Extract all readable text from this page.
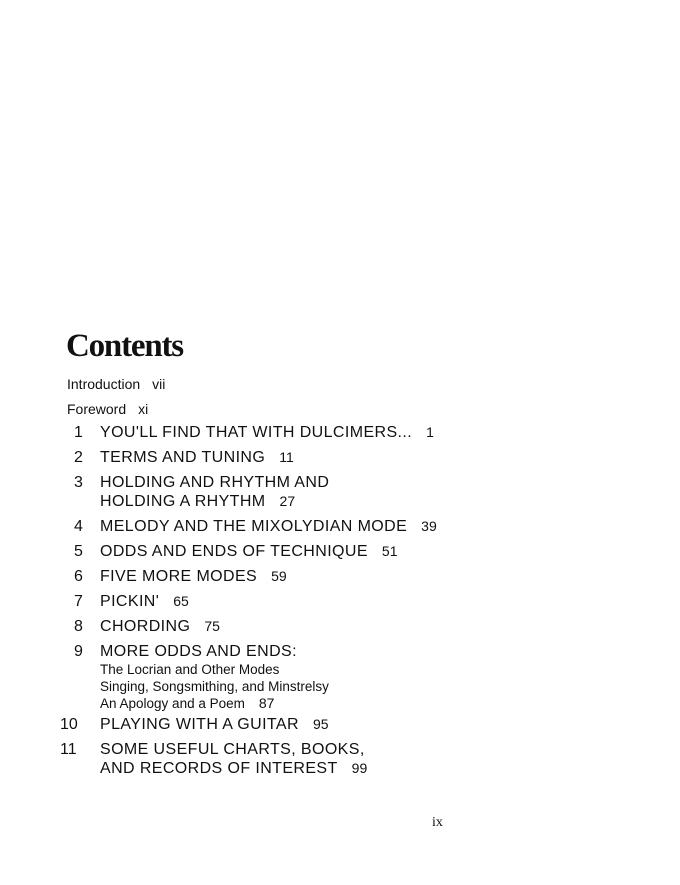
Contents
Introduction vii
Foreword xi
1	YOU'LL FIND THAT WITH DULCIMERS... 1
2	TERMS AND TUNING 11
3	HOLDING AND RHYTHM AND
HOLDING A RHYTHM 27
4	MELODY AND THE MIXOLYDIAN MODE 39
5	ODDS AND ENDS OF TECHNIQUE 51
6	FIVE MORE MODES 59
7	PICKIN' 65
8	CHORDING 75
9	MORE ODDS AND ENDS:
The Locrian and Other Modes
Singing, Songsmithing, and Minstrelsy
An Apology and a Poem 87
10	PLAYING WITH A GUITAR 95
11	SOME USEFUL CHARTS, BOOKS,
AND RECORDS OF INTEREST 99
ix
